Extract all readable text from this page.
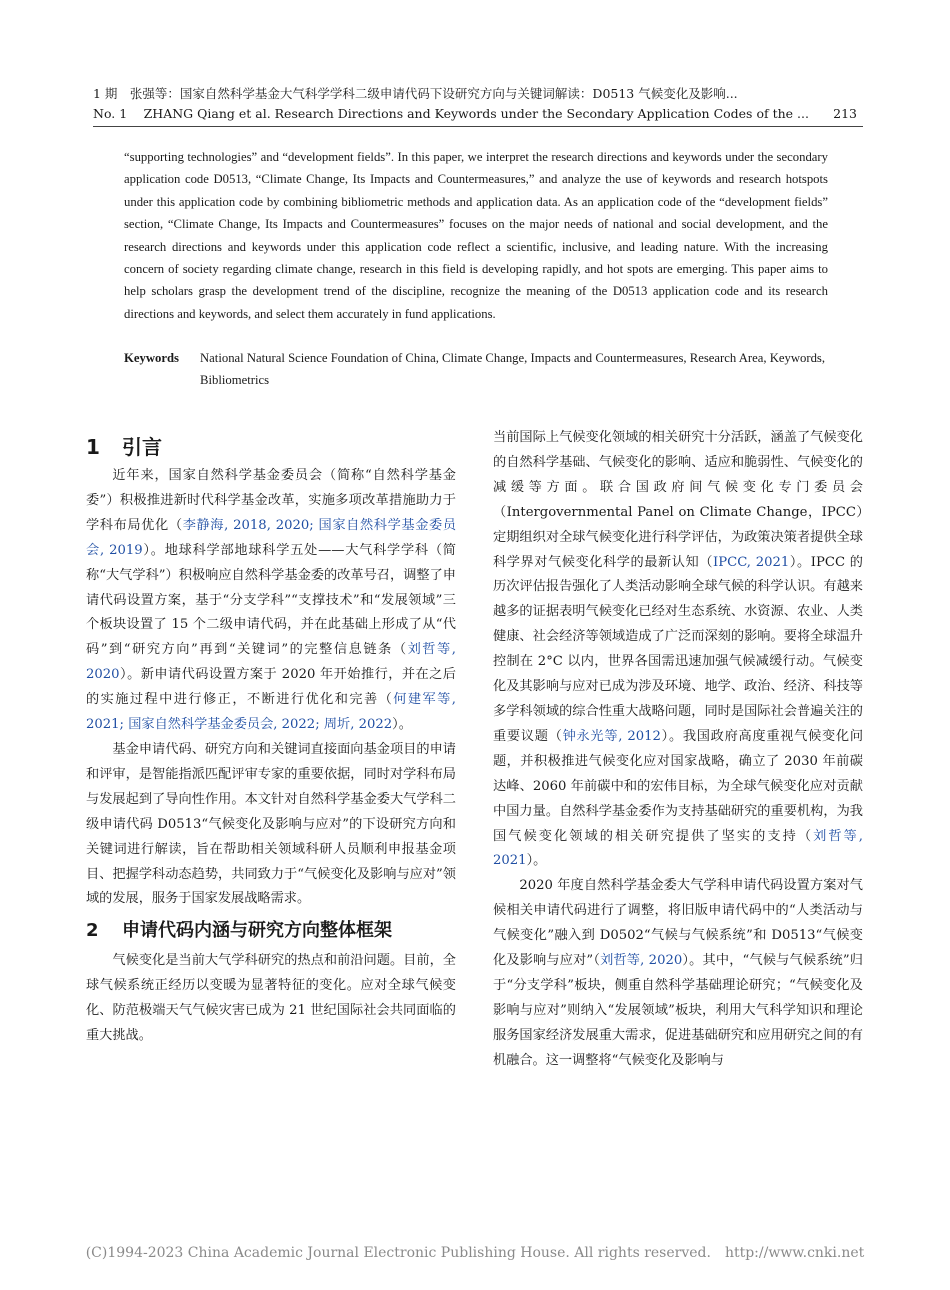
1 期　张强等：国家自然科学基金大气科学学科二级申请代码下设研究方向与关键词解读：D0513 气候变化及影响...
No. 1 　ZHANG Qiang et al. Research Directions and Keywords under the Secondary Application Codes of the ... 213

“supporting technologies” and “development fields”. In this paper, we interpret the research directions and keywords under the secondary application code D0513, “Climate Change, Its Impacts and Countermeasures,” and analyze the use of keywords and research hotspots under this application code by combining bibliometric methods and application data. As an application code of the “development fields” section, “Climate Change, Its Impacts and Countermeasures” focuses on the major needs of national and social development, and the research directions and keywords under this application code reflect a scientific, inclusive, and leading nature. With the increasing concern of society regarding climate change, research in this field is developing rapidly, and hot spots are emerging. This paper aims to help scholars grasp the development trend of the discipline, recognize the meaning of the D0513 application code and its research directions and keywords, and select them accurately in fund applications.

Keywords National Natural Science Foundation of China, Climate Change, Impacts and Countermeasures, Research Area, Keywords, Bibliometrics
1 引言

近年来，国家自然科学基金委员会（简称“自然科学基金委”）积极推进新时代科学基金改革，实施多项改革措施助力于学科布局优化（李静海, 2018, 2020; 国家自然科学基金委员会, 2019）。地球科学部地球科学五处——大气科学学科（简称“大气学科”）积极响应自然科学基金委的改革号召，调整了申请代码设置方案，基于“分支学科”“支撑技术”和“发展领域”三个板块设置了 15 个二级申请代码，并在此基础上形成了从“代码”到“研究方向”再到“关键词”的完整信息链条（刘哲等, 2020）。新申请代码设置方案于 2020 年开始推行，并在之后的实施过程中进行修正，不断进行优化和完善（何建军等, 2021; 国家自然科学基金委员会, 2022; 周圻, 2022）。

基金申请代码、研究方向和关键词直接面向基金项目的申请和评审，是智能指派匹配评审专家的重要依据，同时对学科布局与发展起到了导向性作用。本文针对自然科学基金委大气学科二级申请代码 D0513“气候变化及影响与应对”的下设研究方向和关键词进行解读，旨在帮助相关领域科研人员顺利申报基金项目、把握学科动态趋势，共同致力于“气候变化及影响与应对”领域的发展，服务于国家发展战略需求。

2 申请代码内涵与研究方向整体框架

气候变化是当前大气学科研究的热点和前沿问题。目前，全球气候系统正经历以变暖为显著特征的变化。应对全球气候变化、防范极端天气气候灾害已成为 21 世纪国际社会共同面临的重大挑战。

当前国际上气候变化领域的相关研究十分活跃，涵盖了气候变化的自然科学基础、气候变化的影响、适应和脆弱性、气候变化的减缓等方面。联合国政府间气候变化专门委员会（Intergovernmental Panel on Climate Change，IPCC）定期组织对全球气候变化进行科学评估，为政策决策者提供全球科学界对气候变化科学的最新认知（IPCC, 2021）。IPCC 的历次评估报告强化了人类活动影响全球气候的科学认识。有越来越多的证据表明气候变化已经对生态系统、水资源、农业、人类健康、社会经济等领域造成了广泛而深刻的影响。要将全球温升控制在 2°C 以内，世界各国需迅速加强气候减缓行动。气候变化及其影响与应对已成为涉及环境、地学、政治、经济、科技等多学科领域的综合性重大战略问题，同时是国际社会普遍关注的重要议题（钟永光等, 2012）。我国政府高度重视气候变化问题，并积极推进气候变化应对国家战略，确立了 2030 年前碳达峰、2060 年前碳中和的宏伟目标，为全球气候变化应对贡献中国力量。自然科学基金委作为支持基础研究的重要机构，为我国气候变化领域的相关研究提供了坚实的支持（刘哲等, 2021）。

2020 年度自然科学基金委大气学科申请代码设置方案对气候相关申请代码进行了调整，将旧版申请代码中的“人类活动与气候变化”融入到 D0502“气候与气候系统”和 D0513“气候变化及影响与应对”（刘哲等, 2020）。其中，“气候与气候系统”归于“分支学科”板块，侧重自然科学基础理论研究；“气候变化及影响与应对”则纳入“发展领域”板块，利用大气科学知识和理论服务国家经济发展重大需求，促进基础研究和应用研究之间的有机融合。这一调整将“气候变化及影响与

(C)1994-2023 China Academic Journal Electronic Publishing House. All rights reserved.　http://www.cnki.net
